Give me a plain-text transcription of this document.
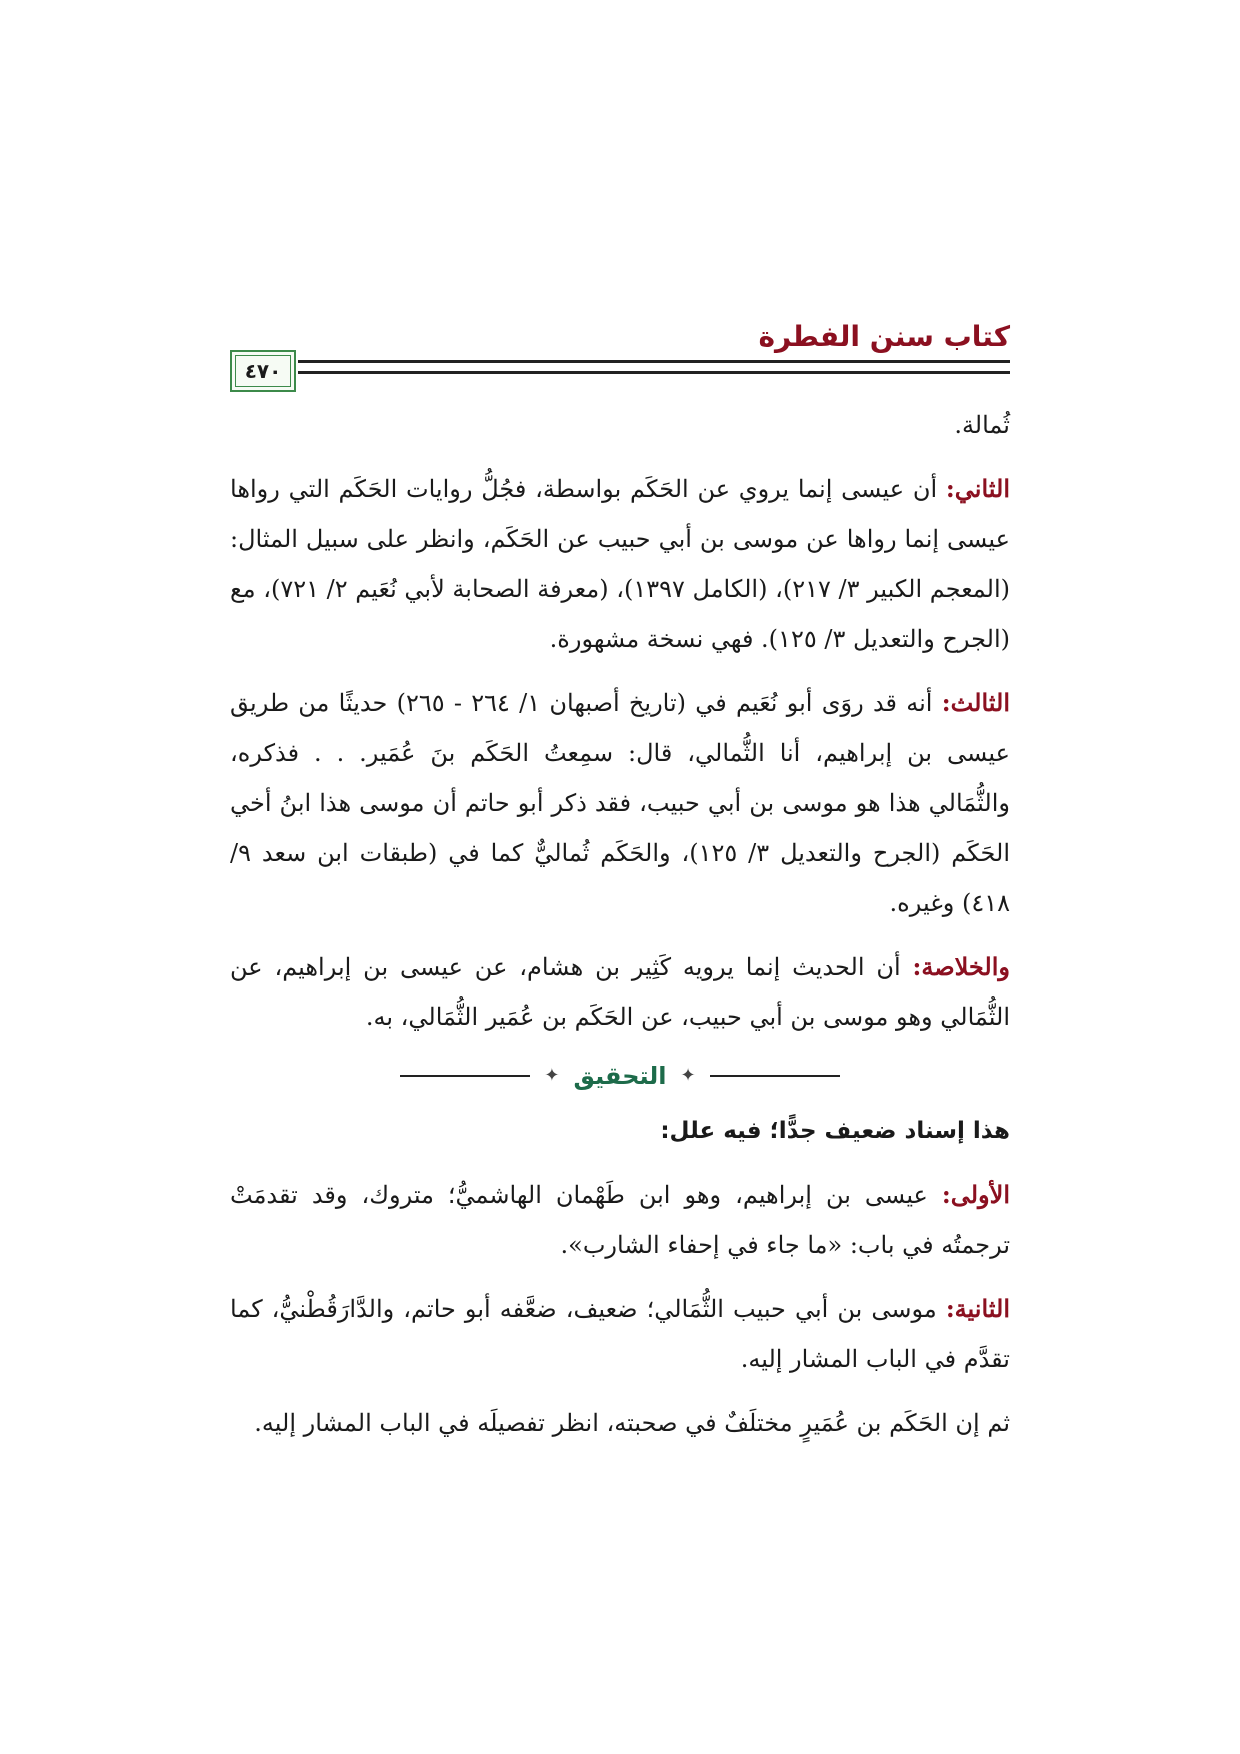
كتاب سنن الفطرة
٤٧٠

ثُمالة.

الثاني: أن عيسى إنما يروي عن الحَكَم بواسطة، فجُلُّ روايات الحَكَم التي رواها عيسى إنما رواها عن موسى بن أبي حبيب عن الحَكَم، وانظر على سبيل المثال: (المعجم الكبير ٣/ ٢١٧)، (الكامل ١٣٩٧)، (معرفة الصحابة لأبي نُعَيم ٢/ ٧٢١)، مع (الجرح والتعديل ٣/ ١٢٥). فهي نسخة مشهورة.

الثالث: أنه قد روَى أبو نُعَيم في (تاريخ أصبهان ١/ ٢٦٤ - ٢٦٥) حديثًا من طريق عيسى بن إبراهيم، أنا الثُّمالي، قال: سمِعتُ الحَكَم بنَ عُمَير. . . فذكره، والثُّمَالي هذا هو موسى بن أبي حبيب، فقد ذكر أبو حاتم أن موسى هذا ابنُ أخي الحَكَم (الجرح والتعديل ٣/ ١٢٥)، والحَكَم ثُماليٌّ كما في (طبقات ابن سعد ٩/ ٤١٨) وغيره.

والخلاصة: أن الحديث إنما يرويه كَثِير بن هشام، عن عيسى بن إبراهيم، عن الثُّمَالي وهو موسى بن أبي حبيب، عن الحَكَم بن عُمَير الثُّمَالي، به.

✦
التحقيق
✦

هذا إسناد ضعيف جدًّا؛ فيه علل:

الأولى: عيسى بن إبراهيم، وهو ابن طَهْمان الهاشميُّ؛ متروك، وقد تقدمَتْ ترجمتُه في باب: «ما جاء في إحفاء الشارب».

الثانية: موسى بن أبي حبيب الثُّمَالي؛ ضعيف، ضعَّفه أبو حاتم، والدَّارَقُطْنيُّ، كما تقدَّم في الباب المشار إليه.

ثم إن الحَكَم بن عُمَيرٍ مختلَفٌ في صحبته، انظر تفصيلَه في الباب المشار إليه.
